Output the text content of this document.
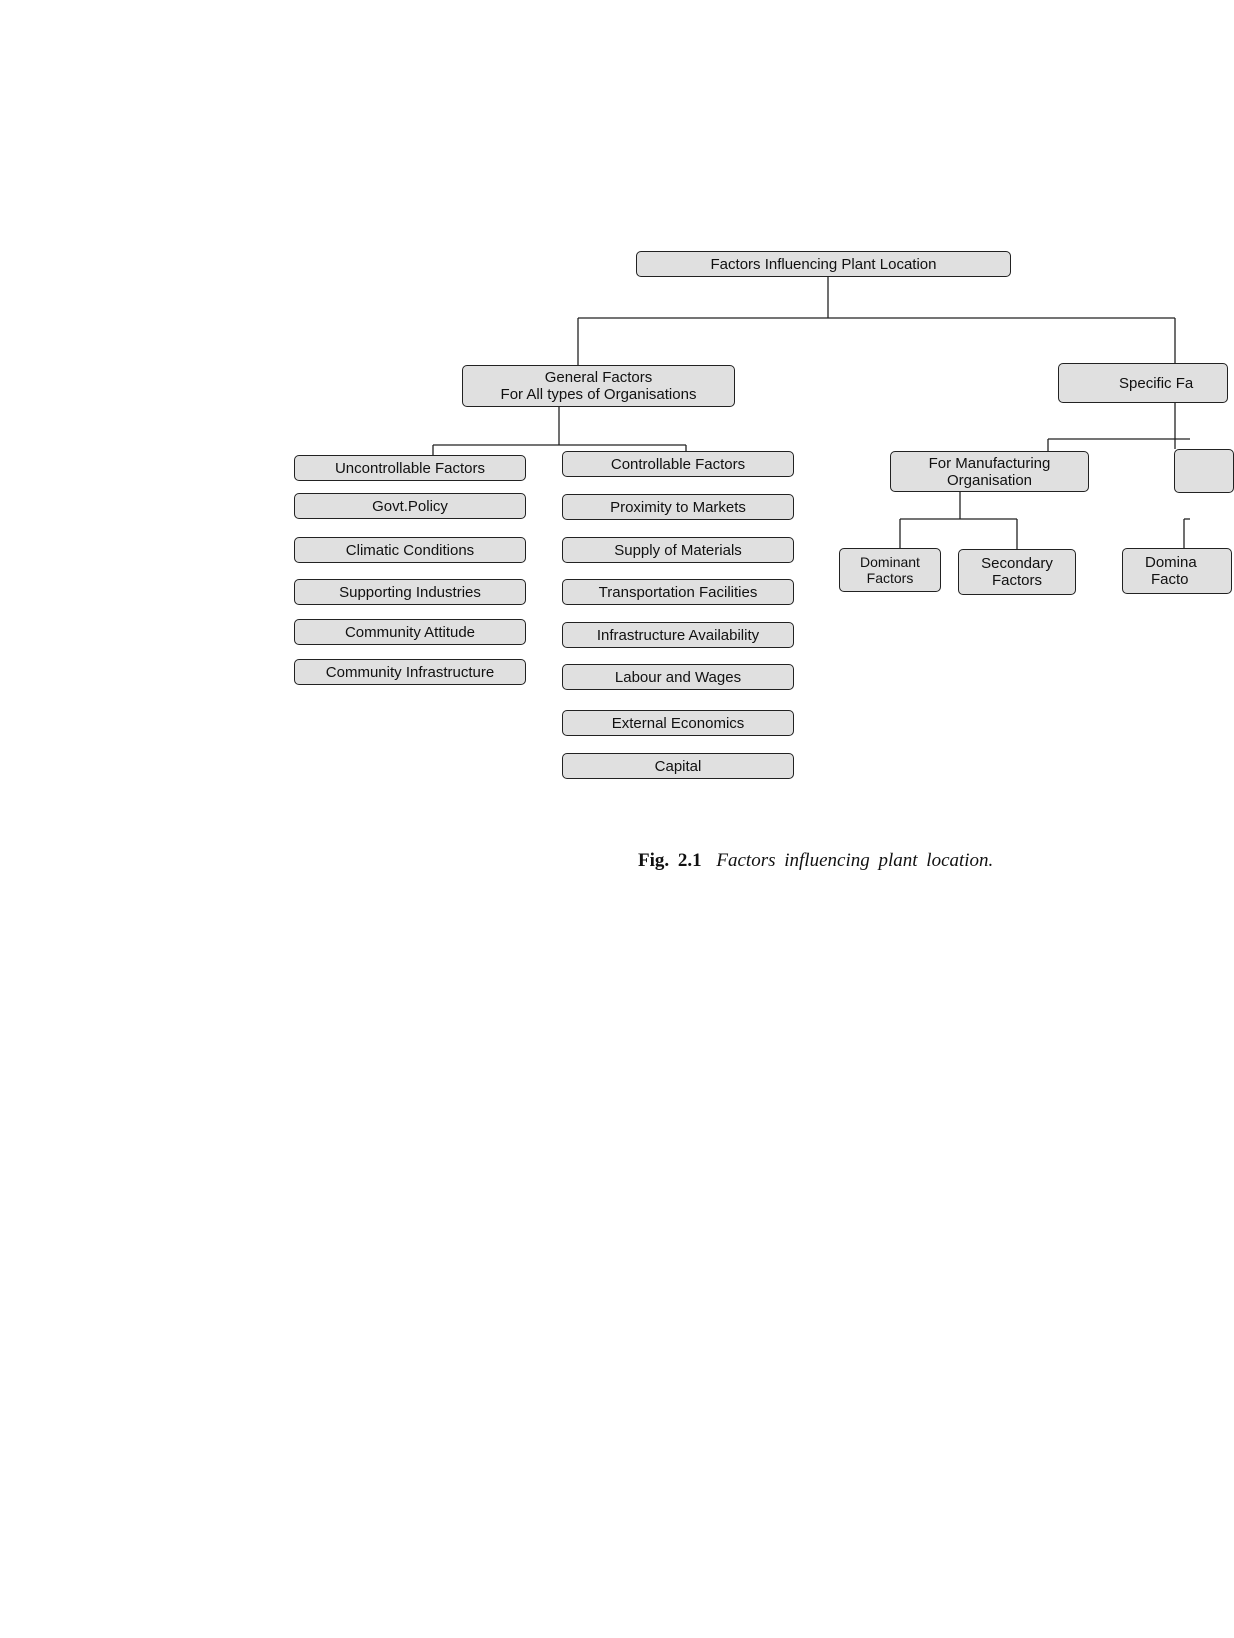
Factors Influencing Plant Location
General Factors
For All types of Organisations
Specific Fa
Uncontrollable Factors
Govt.Policy
Climatic Conditions
Supporting Industries
Community Attitude
Community Infrastructure
Controllable Factors
Proximity to Markets
Supply of Materials
Transportation Facilities
Infrastructure Availability
Labour and Wages
External Economics
Capital
For Manufacturing
Organisation
Dominant
Factors
Secondary
Factors
Domina
Facto
Fig. 2.1 Factors influencing plant location.
